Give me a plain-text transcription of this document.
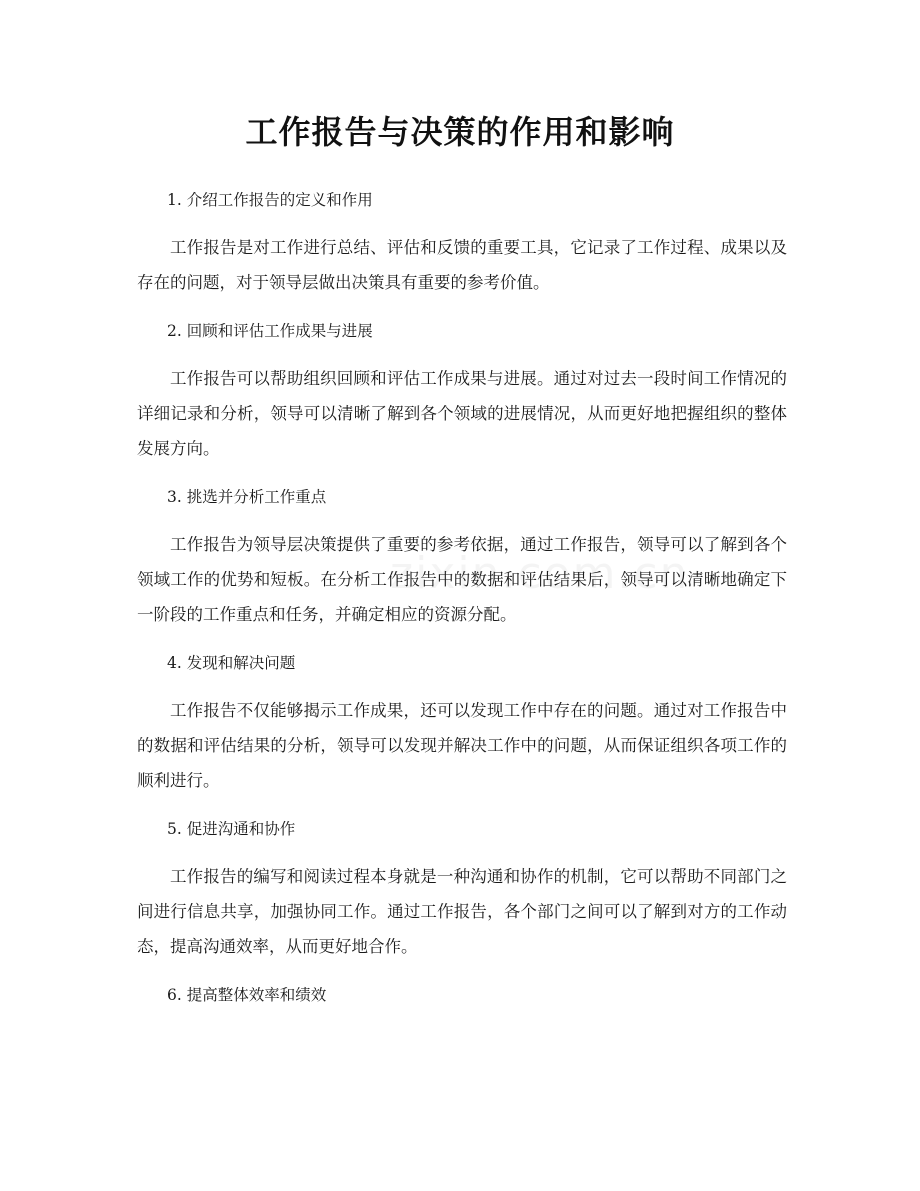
工作报告与决策的作用和影响

1. 介绍工作报告的定义和作用

工作报告是对工作进行总结、评估和反馈的重要工具，它记录了工作过程、成果以及存在的问题，对于领导层做出决策具有重要的参考价值。

2. 回顾和评估工作成果与进展

工作报告可以帮助组织回顾和评估工作成果与进展。通过对过去一段时间工作情况的详细记录和分析，领导可以清晰了解到各个领域的进展情况，从而更好地把握组织的整体发展方向。

3. 挑选并分析工作重点

工作报告为领导层决策提供了重要的参考依据，通过工作报告，领导可以了解到各个领域工作的优势和短板。在分析工作报告中的数据和评估结果后，领导可以清晰地确定下一阶段的工作重点和任务，并确定相应的资源分配。

4. 发现和解决问题

工作报告不仅能够揭示工作成果，还可以发现工作中存在的问题。通过对工作报告中的数据和评估结果的分析，领导可以发现并解决工作中的问题，从而保证组织各项工作的顺利进行。

5. 促进沟通和协作

工作报告的编写和阅读过程本身就是一种沟通和协作的机制，它可以帮助不同部门之间进行信息共享，加强协同工作。通过工作报告，各个部门之间可以了解到对方的工作动态，提高沟通效率，从而更好地合作。

6. 提高整体效率和绩效
